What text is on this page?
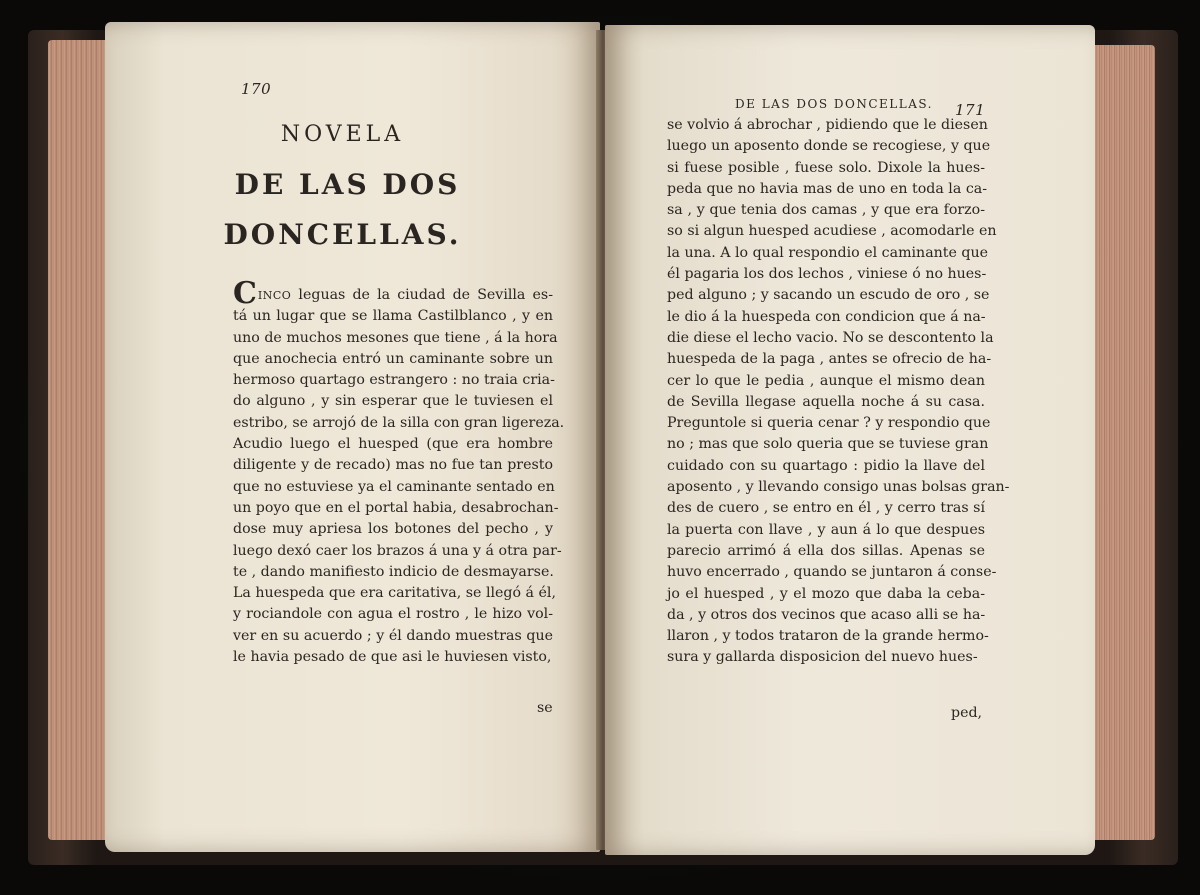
170
NOVELA
DE LAS DOS
DONCELLAS.
CINCO leguas de la ciudad de Sevilla es-
tá un lugar que se llama Castilblanco , y en
uno de muchos mesones que tiene , á la hora
que anochecia entró un caminante sobre un
hermoso quartago estrangero : no traia cria-
do alguno , y sin esperar que le tuviesen el
estribo, se arrojó de la silla con gran ligereza.
Acudio luego el huesped (que era hombre
diligente y de recado) mas no fue tan presto
que no estuviese ya el caminante sentado en
un poyo que en el portal habia, desabrochan-
dose muy apriesa los botones del pecho , y
luego dexó caer los brazos á una y á otra par-
te , dando manifiesto indicio de desmayarse.
La huespeda que era caritativa, se llegó á él,
y rociandole con agua el rostro , le hizo vol-
ver en su acuerdo ; y él dando muestras que
le havia pesado de que asi le huviesen visto,
se
DE LAS DOS DONCELLAS. 171
se volvio á abrochar , pidiendo que le diesen
luego un aposento donde se recogiese, y que
si fuese posible , fuese solo. Dixole la hues-
peda que no havia mas de uno en toda la ca-
sa , y que tenia dos camas , y que era forzo-
so si algun huesped acudiese , acomodarle en
la una. A lo qual respondio el caminante que
él pagaria los dos lechos , viniese ó no hues-
ped alguno ; y sacando un escudo de oro , se
le dio á la huespeda con condicion que á na-
die diese el lecho vacio. No se descontento la
huespeda de la paga , antes se ofrecio de ha-
cer lo que le pedia , aunque el mismo dean
de Sevilla llegase aquella noche á su casa.
Preguntole si queria cenar ? y respondio que
no ; mas que solo queria que se tuviese gran
cuidado con su quartago : pidio la llave del
aposento , y llevando consigo unas bolsas gran-
des de cuero , se entro en él , y cerro tras sí
la puerta con llave , y aun á lo que despues
parecio arrimó á ella dos sillas. Apenas se
huvo encerrado , quando se juntaron á conse-
jo el huesped , y el mozo que daba la ceba-
da , y otros dos vecinos que acaso alli se ha-
llaron , y todos trataron de la grande hermo-
sura y gallarda disposicion del nuevo hues-
ped,
